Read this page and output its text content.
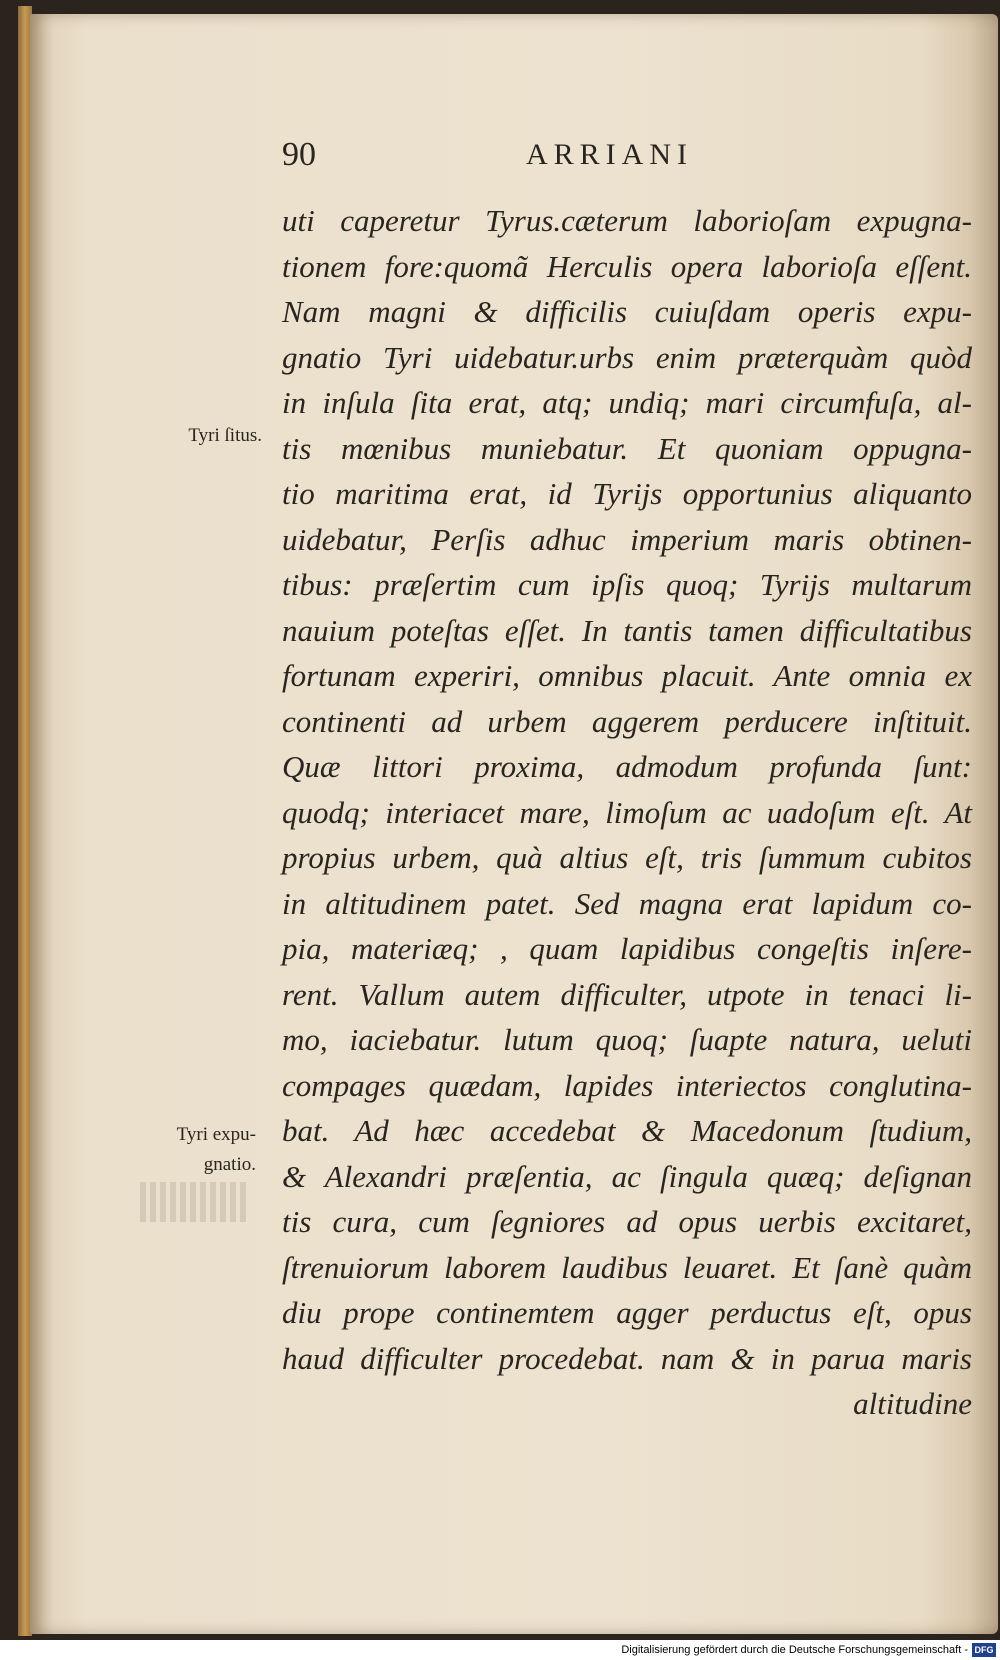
90	ARRIANI
Tyri ſitus.
Tyri expu-
gnatio.
uti caperetur Tyrus.cæterum laborioſam expugna-
tionem fore:quomã Herculis opera laborioſa eſſent.
Nam magni & difficilis cuiuſdam operis expu-
gnatio Tyri uidebatur.urbs enim præterquàm quòd
in inſula ſita erat, atq; undiq; mari circumfuſa, al-
tis mœnibus muniebatur. Et quoniam oppugna-
tio maritima erat, id Tyrijs opportunius aliquanto
uidebatur, Perſis adhuc imperium maris obtinen-
tibus: præſertim cum ipſis quoq; Tyrijs multarum
nauium poteſtas eſſet. In tantis tamen difficultatibus
fortunam experiri, omnibus placuit. Ante omnia ex
continenti ad urbem aggerem perducere inſtituit.
Quæ littori proxima, admodum profunda ſunt:
quodq; interiacet mare, limoſum ac uadoſum eſt. At
propius urbem, quà altius eſt, tris ſummum cubitos
in altitudinem patet. Sed magna erat lapidum co-
pia, materiæq; , quam lapidibus congeſtis inſere-
rent. Vallum autem difficulter, utpote in tenaci li-
mo, iaciebatur. lutum quoq; ſuapte natura, ueluti
compages quædam, lapides interiectos conglutina-
bat. Ad hæc accedebat & Macedonum ſtudium,
& Alexandri præſentia, ac ſingula quæq; deſignan
tis cura, cum ſegniores ad opus uerbis excitaret,
ſtrenuiorum laborem laudibus leuaret. Et ſanè quàm
diu prope continemtem agger perductus eſt, opus
haud difficulter procedebat. nam & in parua maris
altitudine
Digitalisierung gefördert durch die Deutsche Forschungsgemeinschaft - DFG
